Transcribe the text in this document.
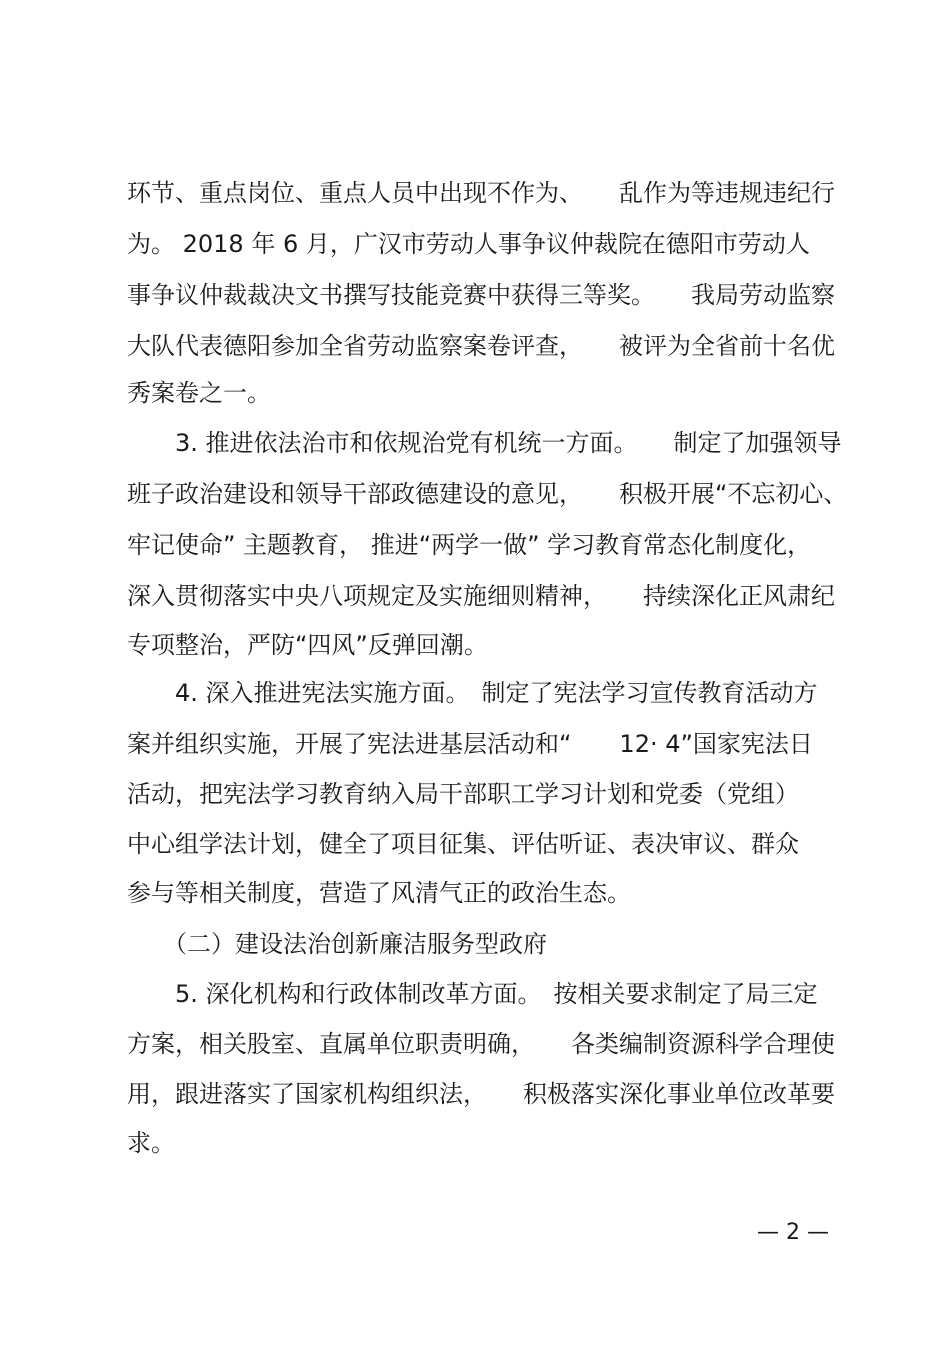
环节、重点岗位、重点人员中出现不作为、　　乱作为等违规违纪行
为。 2018 年 6 月，广汉市劳动人事争议仲裁院在德阳市劳动人
事争议仲裁裁决文书撰写技能竞赛中获得三等奖。　　我局劳动监察
大队代表德阳参加全省劳动监察案卷评查，　　被评为全省前十名优
秀案卷之一。
　　3. 推进依法治市和依规治党有机统一方面。　　制定了加强领导
班子政治建设和领导干部政德建设的意见，　　积极开展“不忘初心、
牢记使命” 主题教育， 推进“两学一做” 学习教育常态化制度化，
深入贯彻落实中央八项规定及实施细则精神，　　持续深化正风肃纪
专项整治，严防“四风”反弹回潮。
　　4. 深入推进宪法实施方面。　制定了宪法学习宣传教育活动方
案并组织实施，开展了宪法进基层活动和“　　12· 4”国家宪法日
活动，把宪法学习教育纳入局干部职工学习计划和党委（党组）
中心组学法计划，健全了项目征集、评估听证、表决审议、群众
参与等相关制度，营造了风清气正的政治生态。
　　（二）建设法治创新廉洁服务型政府
　　5. 深化机构和行政体制改革方面。　按相关要求制定了局三定
方案，相关股室、直属单位职责明确，　　各类编制资源科学合理使
用，跟进落实了国家机构组织法，　　积极落实深化事业单位改革要
求。
— 2 —
